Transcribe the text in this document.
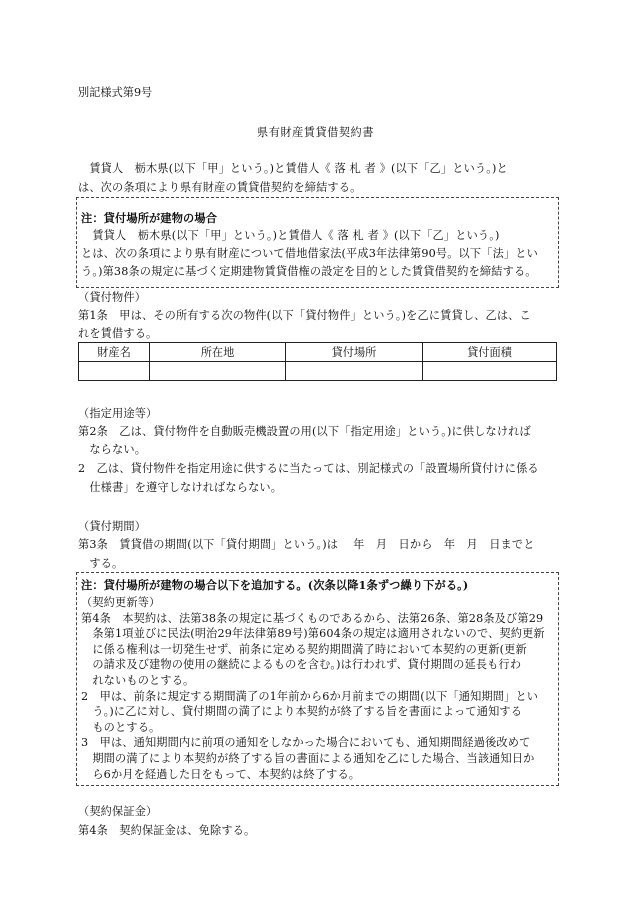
別記様式第9号
県有財産賃貸借契約書
　賃貸人　栃木県(以下「甲」という。)と賃借人《 落 札 者 》(以下「乙」という。)と
は、次の条項により県有財産の賃貸借契約を締結する。
注：貸付場所が建物の場合
　賃貸人　栃木県(以下「甲」という。)と賃借人《 落 札 者 》(以下「乙」という。)
とは、次の条項により県有財産について借地借家法(平成3年法律第90号。以下「法」とい
う。)第38条の規定に基づく定期建物賃貸借権の設定を目的とした賃貸借契約を締結する。
（貸付物件）
第1条　甲は、その所有する次の物件(以下「貸付物件」という。)を乙に賃貸し、乙は、こ
れを賃借する。
財産名	所在地	貸付場所	貸付面積

（指定用途等）
第2条　乙は、貸付物件を自動販売機設置の用(以下「指定用途」という。)に供しなければ
　ならない。
2　乙は、貸付物件を指定用途に供するに当たっては、別記様式の「設置場所貸付けに係る
　仕様書」を遵守しなければならない。
（貸付期間）
第3条　賃貸借の期間(以下「貸付期間」という。)は　 年　月　日から　年　月　日までと
　する。
注：貸付場所が建物の場合以下を追加する。(次条以降1条ずつ繰り下がる。)
（契約更新等）
第4条　本契約は、法第38条の規定に基づくものであるから、法第26条、第28条及び第29
　条第1項並びに民法(明治29年法律第89号)第604条の規定は適用されないので、契約更新
　に係る権利は一切発生せず、前条に定める契約期間満了時において本契約の更新(更新
　の請求及び建物の使用の継続によるものを含む。)は行われず、貸付期間の延長も行わ
　れないものとする。
2　甲は、前条に規定する期間満了の1年前から6か月前までの期間(以下「通知期間」とい
　う。)に乙に対し、貸付期間の満了により本契約が終了する旨を書面によって通知する
　ものとする。
3　甲は、通知期間内に前項の通知をしなかった場合においても、通知期間経過後改めて
　期間の満了により本契約が終了する旨の書面による通知を乙にした場合、当該通知日か
　ら6か月を経過した日をもって、本契約は終了する。
（契約保証金）
第4条　契約保証金は、免除する。
